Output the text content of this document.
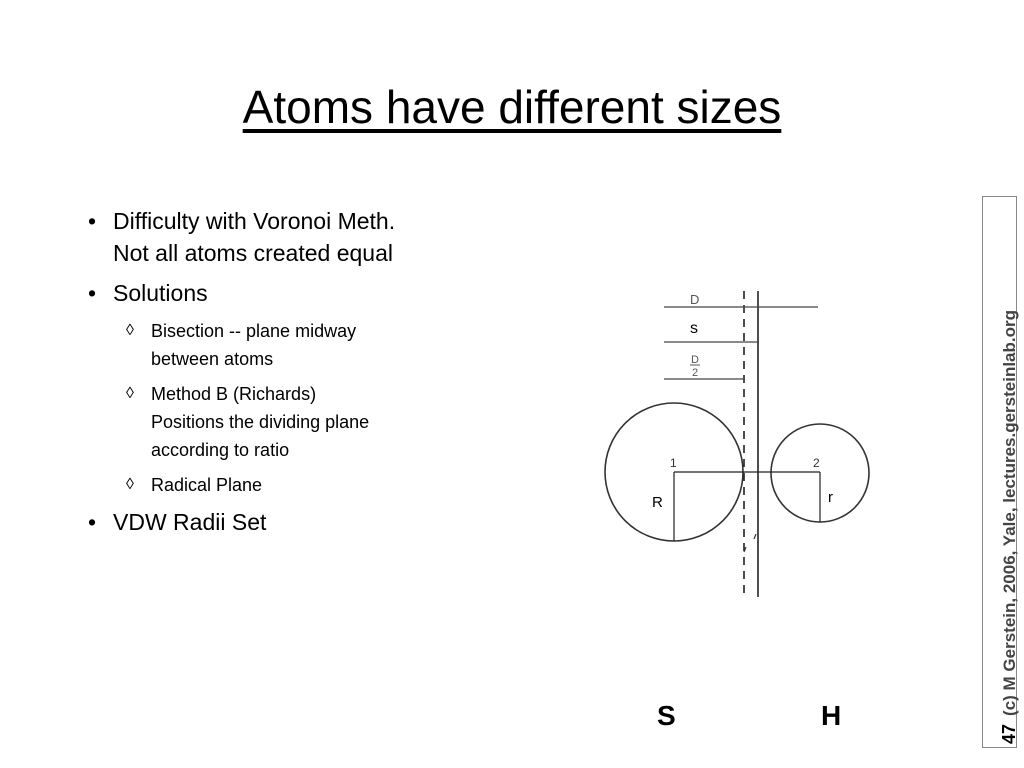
Atoms have different sizes
• Difficulty with Voronoi Meth.
Not all atoms created equal
• Solutions
◊ Bisection -- plane midway
between atoms
◊ Method B (Richards)
Positions the dividing plane
according to ratio
◊ Radical Plane
• VDW Radii Set
D
s
D
2
1	2
R	r
S	H
47(c) M Gerstein, 2006, Yale, lectures.gersteinlab.org
